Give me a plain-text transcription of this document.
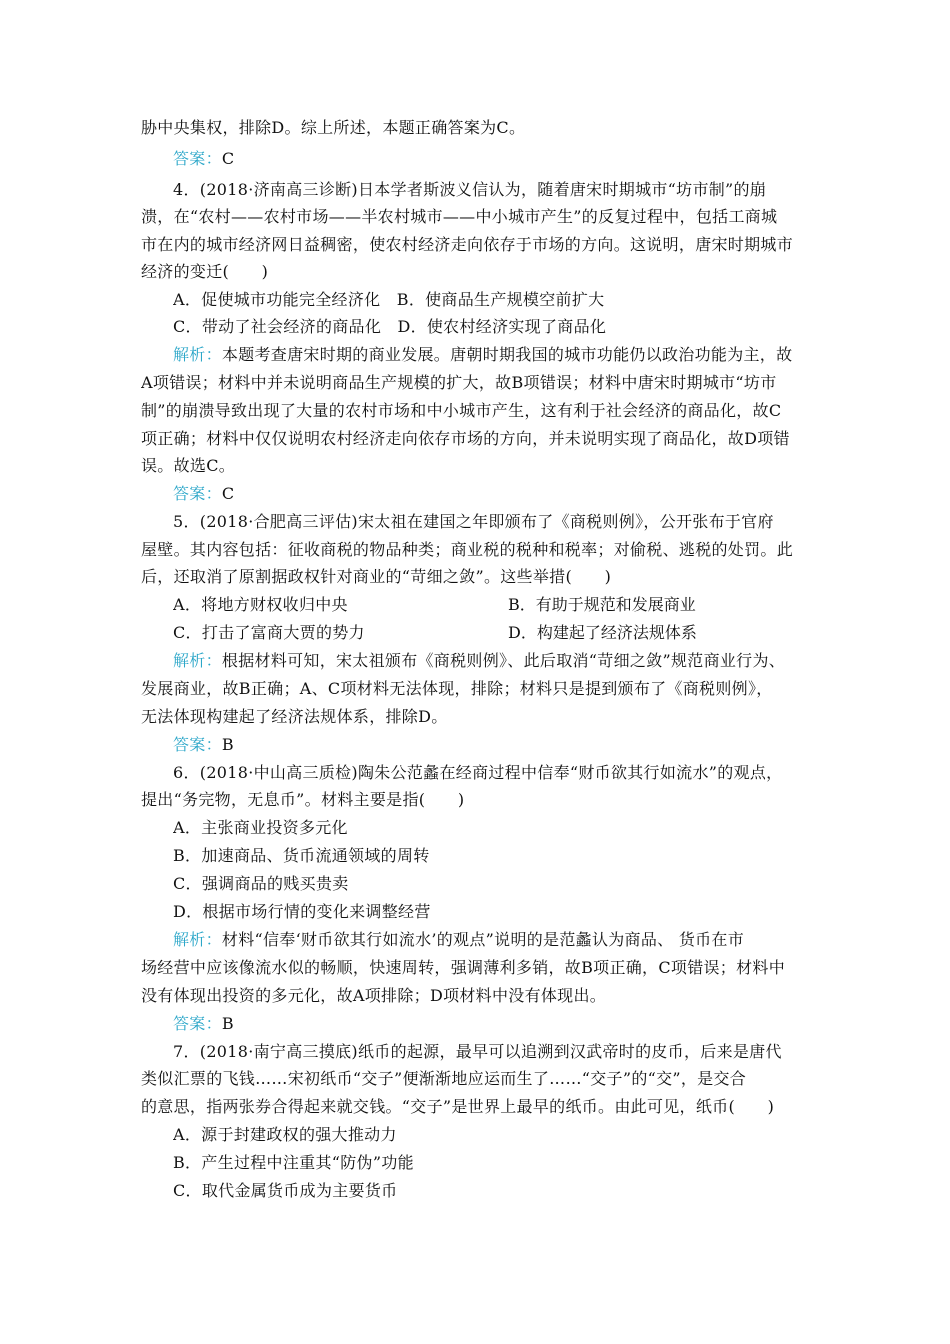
胁中央集权，排除D。综上所述，本题正确答案为C。
答案：C
4．(2018·济南高三诊断)日本学者斯波义信认为，随着唐宋时期城市“坊市制”的崩
溃，在“农村——农村市场——半农村城市——中小城市产生”的反复过程中，包括工商城
市在内的城市经济网日益稠密，使农村经济走向依存于市场的方向。这说明，唐宋时期城市
经济的变迁(　　)
A．促使城市功能完全经济化　B．使商品生产规模空前扩大
C．带动了社会经济的商品化　D．使农村经济实现了商品化
解析：本题考查唐宋时期的商业发展。唐朝时期我国的城市功能仍以政治功能为主，故
A项错误；材料中并未说明商品生产规模的扩大，故B项错误；材料中唐宋时期城市“坊市
制”的崩溃导致出现了大量的农村市场和中小城市产生，这有利于社会经济的商品化，故C
项正确；材料中仅仅说明农村经济走向依存市场的方向，并未说明实现了商品化，故D项错
误。故选C。
答案：C
5．(2018·合肥高三评估)宋太祖在建国之年即颁布了《商税则例》，公开张布于官府
屋壁。其内容包括：征收商税的物品种类；商业税的税种和税率；对偷税、逃税的处罚。此
后，还取消了原割据政权针对商业的“苛细之敛”。这些举措(　　)
A．将地方财权收归中央	B．有助于规范和发展商业
C．打击了富商大贾的势力	D．构建起了经济法规体系
解析：根据材料可知，宋太祖颁布《商税则例》、此后取消“苛细之敛”规范商业行为、
发展商业，故B正确；A、C项材料无法体现，排除；材料只是提到颁布了《商税则例》，
无法体现构建起了经济法规体系，排除D。
答案：B
6．(2018·中山高三质检)陶朱公范蠡在经商过程中信奉“财币欲其行如流水”的观点，
提出“务完物，无息币”。材料主要是指(　　)
A．主张商业投资多元化
B．加速商品、货币流通领域的周转
C．强调商品的贱买贵卖
D．根据市场行情的变化来调整经营
解析：材料“信奉‘财币欲其行如流水’的观点”说明的是范蠡认为商品、 货币在市
场经营中应该像流水似的畅顺，快速周转，强调薄利多销，故B项正确，C项错误；材料中
没有体现出投资的多元化，故A项排除；D项材料中没有体现出。
答案：B
7．(2018·南宁高三摸底)纸币的起源，最早可以追溯到汉武帝时的皮币，后来是唐代
类似汇票的飞钱……宋初纸币“交子”便渐渐地应运而生了……“交子”的“交”，是交合
的意思，指两张券合得起来就交钱。“交子”是世界上最早的纸币。由此可见，纸币(　　)
A．源于封建政权的强大推动力
B．产生过程中注重其“防伪”功能
C．取代金属货币成为主要货币
